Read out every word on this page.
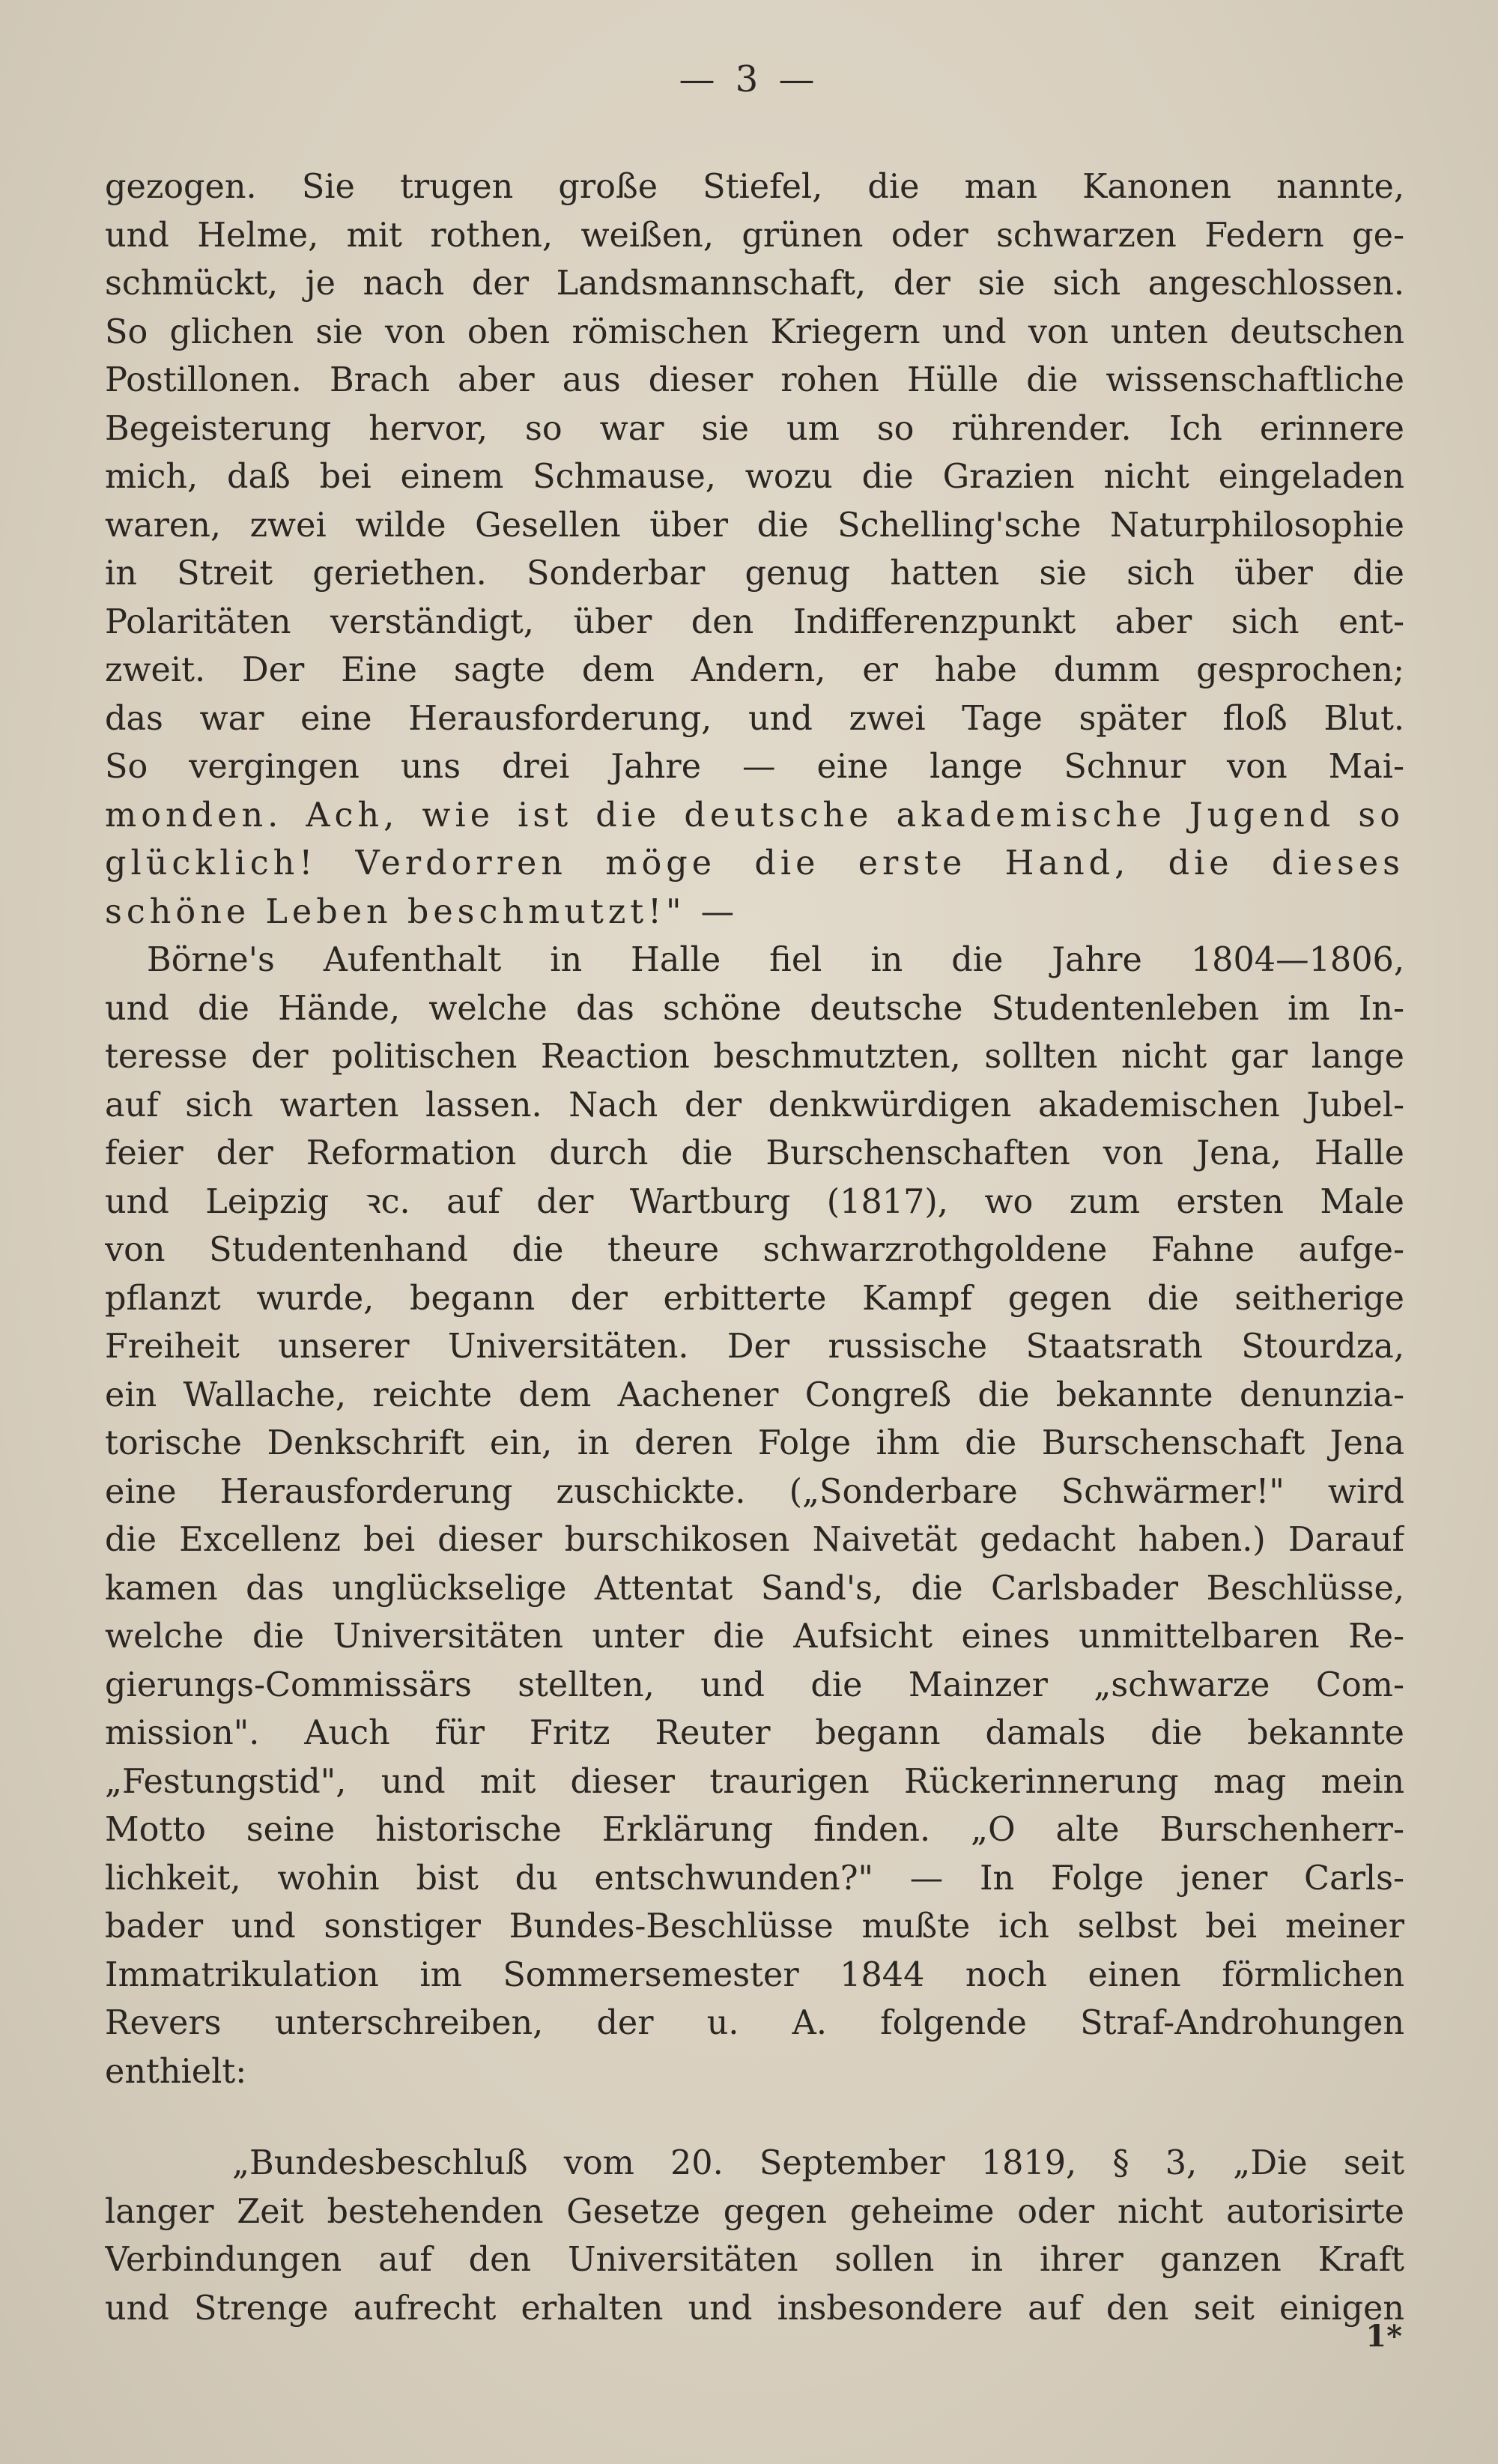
— 3 —
gezogen. Sie trugen große Stiefel, die man Kanonen nannte,
und Helme, mit rothen, weißen, grünen oder schwarzen Federn ge-
schmückt, je nach der Landsmannschaft, der sie sich angeschlossen.
So glichen sie von oben römischen Kriegern und von unten deutschen
Postillonen. Brach aber aus dieser rohen Hülle die wissenschaftliche
Begeisterung hervor, so war sie um so rührender. Ich erinnere
mich, daß bei einem Schmause, wozu die Grazien nicht eingeladen
waren, zwei wilde Gesellen über die Schelling'sche Naturphilosophie
in Streit geriethen. Sonderbar genug hatten sie sich über die
Polaritäten verständigt, über den Indifferenzpunkt aber sich ent-
zweit. Der Eine sagte dem Andern, er habe dumm gesprochen;
das war eine Herausforderung, und zwei Tage später floß Blut.
So vergingen uns drei Jahre — eine lange Schnur von Mai-
monden. Ach, wie ist die deutsche akademische Jugend so
glücklich! Verdorren möge die erste Hand, die dieses
schöne Leben beschmutzt!" —
Börne's Aufenthalt in Halle fiel in die Jahre 1804—1806,
und die Hände, welche das schöne deutsche Studentenleben im In-
teresse der politischen Reaction beschmutzten, sollten nicht gar lange
auf sich warten lassen. Nach der denkwürdigen akademischen Jubel-
feier der Reformation durch die Burschenschaften von Jena, Halle
und Leipzig ꝛc. auf der Wartburg (1817), wo zum ersten Male
von Studentenhand die theure schwarzrothgoldene Fahne aufge-
pflanzt wurde, begann der erbitterte Kampf gegen die seitherige
Freiheit unserer Universitäten. Der russische Staatsrath Stourdza,
ein Wallache, reichte dem Aachener Congreß die bekannte denunzia-
torische Denkschrift ein, in deren Folge ihm die Burschenschaft Jena
eine Herausforderung zuschickte. („Sonderbare Schwärmer!" wird
die Excellenz bei dieser burschikosen Naivetät gedacht haben.) Darauf
kamen das unglückselige Attentat Sand's, die Carlsbader Beschlüsse,
welche die Universitäten unter die Aufsicht eines unmittelbaren Re-
gierungs-Commissärs stellten, und die Mainzer „schwarze Com-
mission". Auch für Fritz Reuter begann damals die bekannte
„Festungstid", und mit dieser traurigen Rückerinnerung mag mein
Motto seine historische Erklärung finden. „O alte Burschenherr-
lichkeit, wohin bist du entschwunden?" — In Folge jener Carls-
bader und sonstiger Bundes-Beschlüsse mußte ich selbst bei meiner
Immatrikulation im Sommersemester 1844 noch einen förmlichen
Revers unterschreiben, der u. A. folgende Straf-Androhungen
enthielt:
„Bundesbeschluß vom 20. September 1819, § 3, „Die seit
langer Zeit bestehenden Gesetze gegen geheime oder nicht autorisirte
Verbindungen auf den Universitäten sollen in ihrer ganzen Kraft
und Strenge aufrecht erhalten und insbesondere auf den seit einigen
1*
